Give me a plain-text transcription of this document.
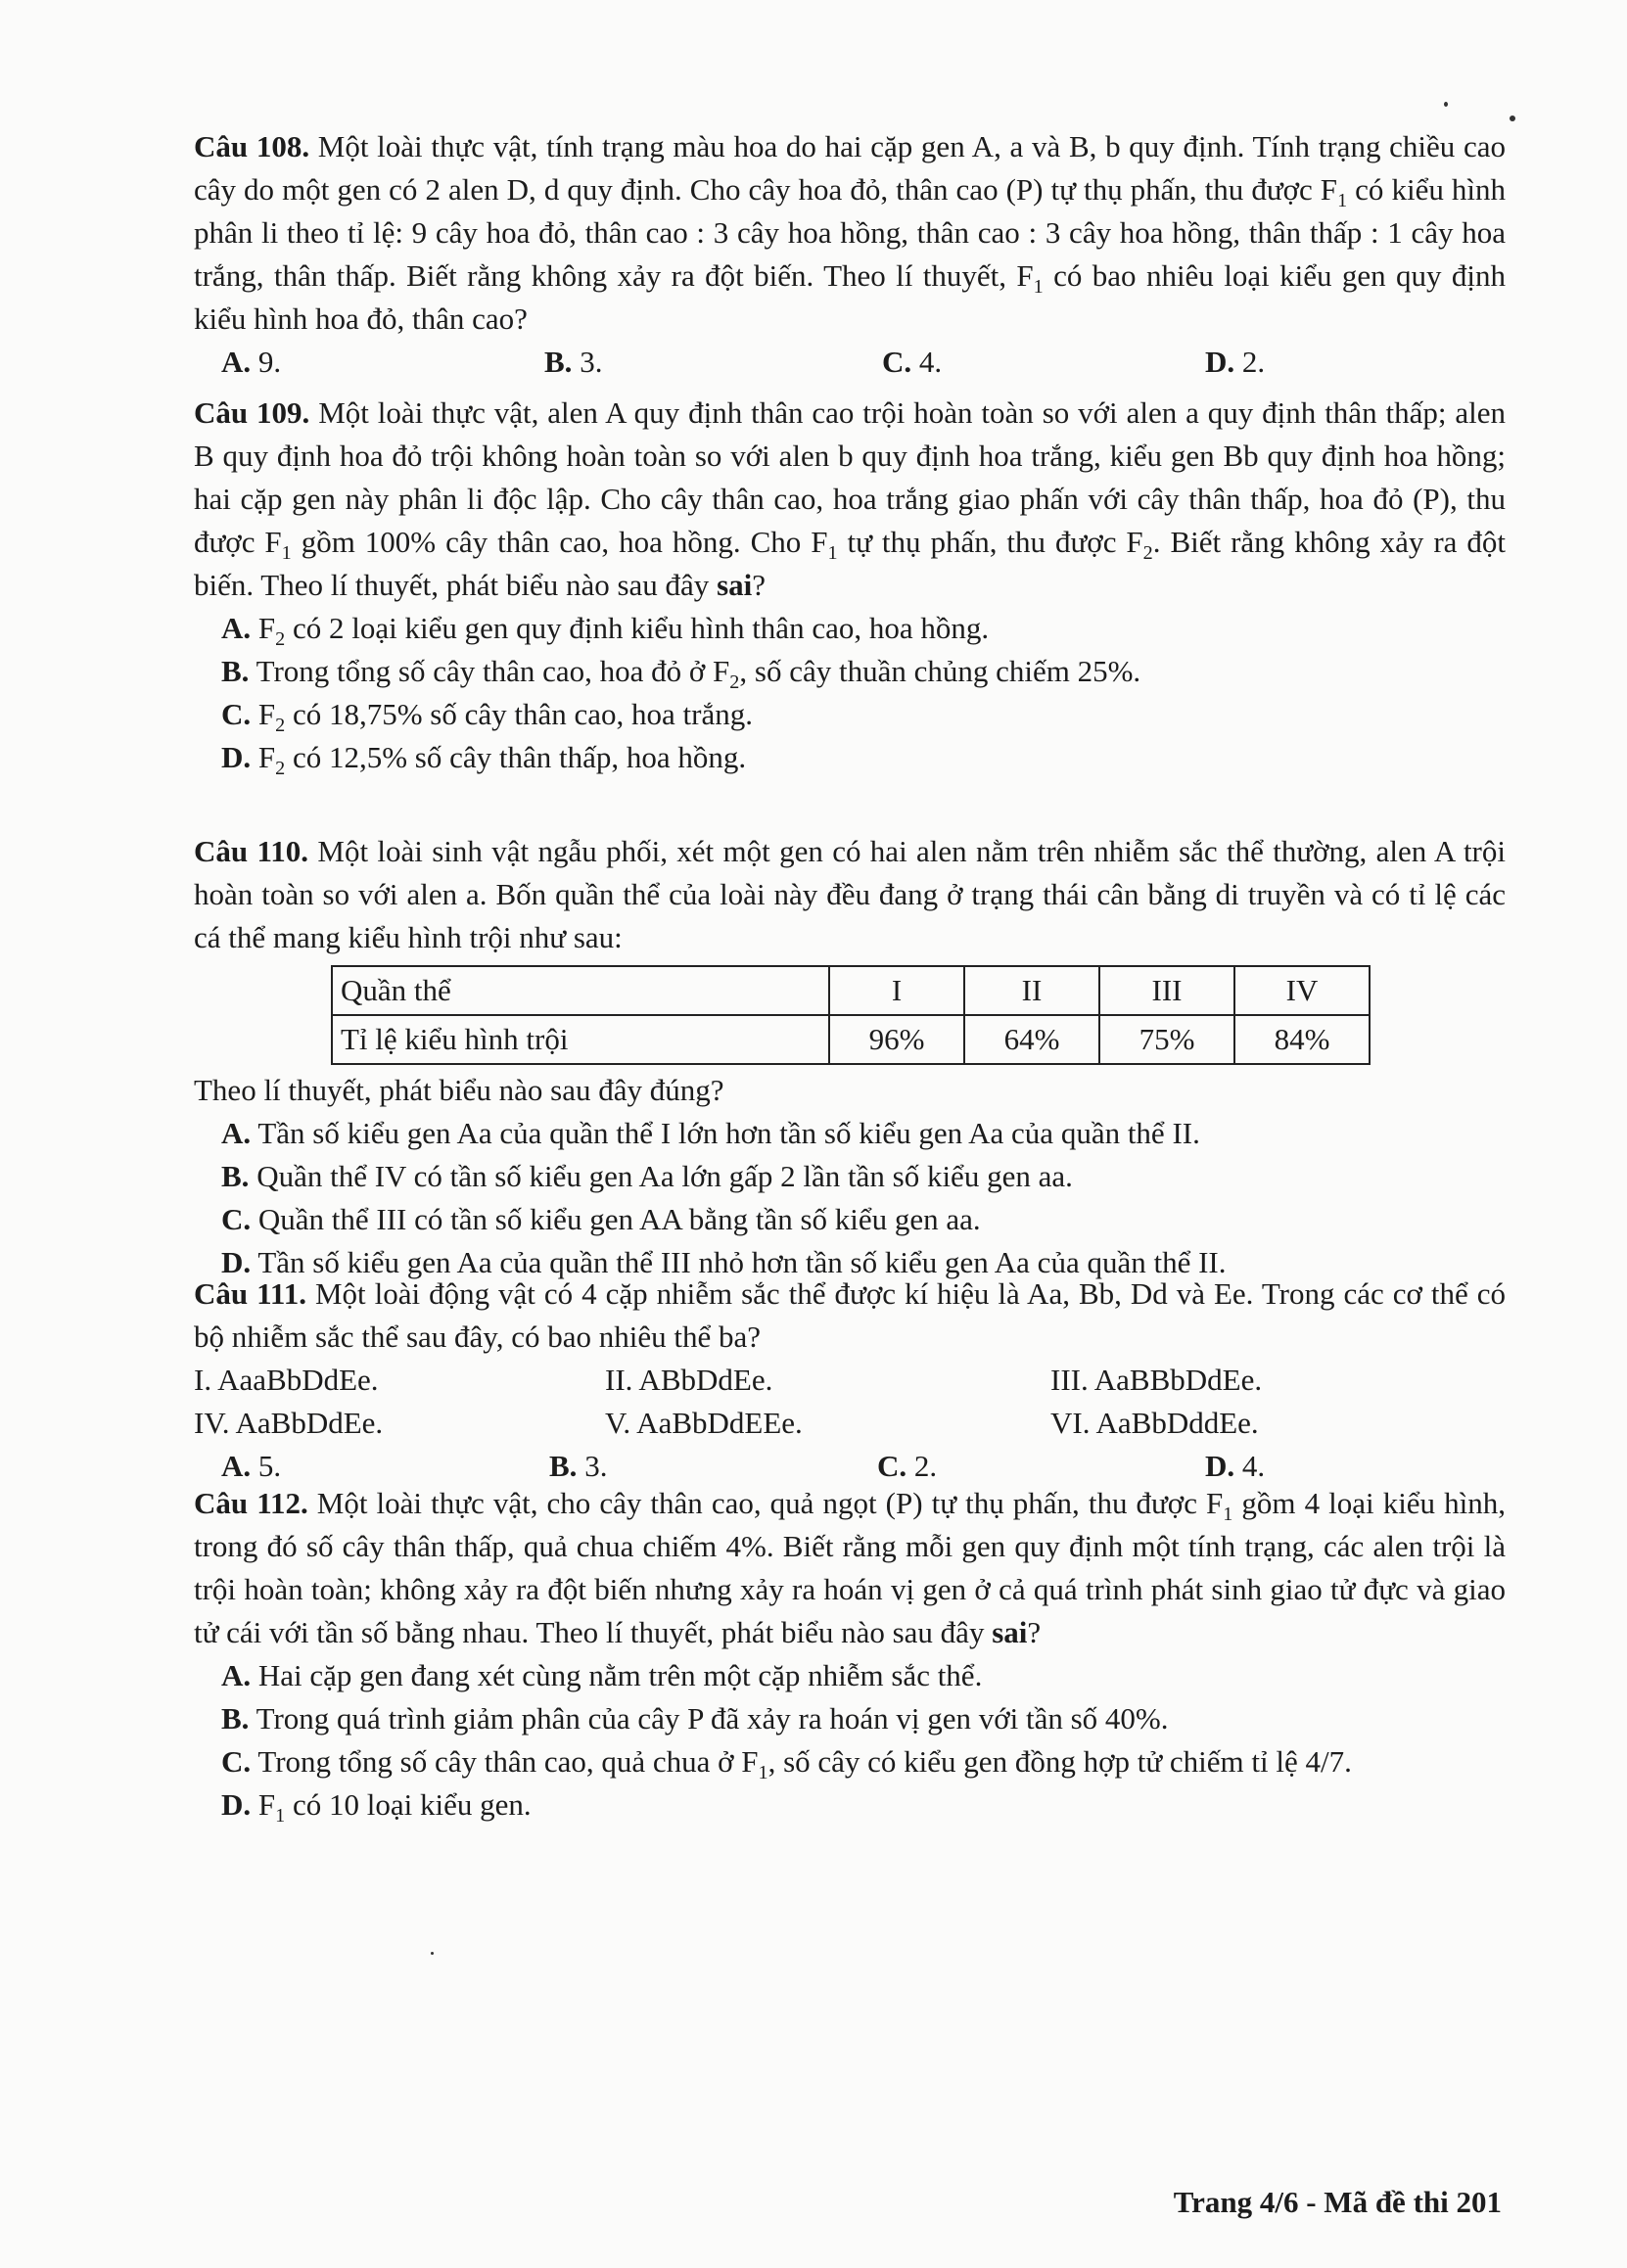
Câu 108. Một loài thực vật, tính trạng màu hoa do hai cặp gen A, a và B, b quy định. Tính trạng chiều cao cây do một gen có 2 alen D, d quy định. Cho cây hoa đỏ, thân cao (P) tự thụ phấn, thu được $F_1$ có kiểu hình phân li theo tỉ lệ: 9 cây hoa đỏ, thân cao : 3 cây hoa hồng, thân cao : 3 cây hoa hồng, thân thấp : 1 cây hoa trắng, thân thấp. Biết rằng không xảy ra đột biến. Theo lí thuyết, $F_1$ có bao nhiêu loại kiểu gen quy định kiểu hình hoa đỏ, thân cao?
A. 9.	B. 3.	C. 4.	D. 2.
Câu 109. Một loài thực vật, alen A quy định thân cao trội hoàn toàn so với alen a quy định thân thấp; alen B quy định hoa đỏ trội không hoàn toàn so với alen b quy định hoa trắng, kiểu gen Bb quy định hoa hồng; hai cặp gen này phân li độc lập. Cho cây thân cao, hoa trắng giao phấn với cây thân thấp, hoa đỏ (P), thu được $F_1$ gồm 100% cây thân cao, hoa hồng. Cho $F_1$ tự thụ phấn, thu được $F_2$. Biết rằng không xảy ra đột biến. Theo lí thuyết, phát biểu nào sau đây sai?
A. $F_2$ có 2 loại kiểu gen quy định kiểu hình thân cao, hoa hồng.
B. Trong tổng số cây thân cao, hoa đỏ ở $F_2$, số cây thuần chủng chiếm 25%.
C. $F_2$ có 18,75% số cây thân cao, hoa trắng.
D. $F_2$ có 12,5% số cây thân thấp, hoa hồng.
Câu 110. Một loài sinh vật ngẫu phối, xét một gen có hai alen nằm trên nhiễm sắc thể thường, alen A trội hoàn toàn so với alen a. Bốn quần thể của loài này đều đang ở trạng thái cân bằng di truyền và có tỉ lệ các cá thể mang kiểu hình trội như sau:
Quần thể	I	II	III	IV
Tỉ lệ kiểu hình trội	96%	64%	75%	84%
Theo lí thuyết, phát biểu nào sau đây đúng?
A. Tần số kiểu gen Aa của quần thể I lớn hơn tần số kiểu gen Aa của quần thể II.
B. Quần thể IV có tần số kiểu gen Aa lớn gấp 2 lần tần số kiểu gen aa.
C. Quần thể III có tần số kiểu gen AA bằng tần số kiểu gen aa.
D. Tần số kiểu gen Aa của quần thể III nhỏ hơn tần số kiểu gen Aa của quần thể II.
Câu 111. Một loài động vật có 4 cặp nhiễm sắc thể được kí hiệu là Aa, Bb, Dd và Ee. Trong các cơ thể có bộ nhiễm sắc thể sau đây, có bao nhiêu thể ba?
I. AaaBbDdEe.	II. ABbDdEe.	III. AaBBbDdEe.
IV. AaBbDdEe.	V. AaBbDdEEe.	VI. AaBbDddEe.
A. 5.	B. 3.	C. 2.	D. 4.
Câu 112. Một loài thực vật, cho cây thân cao, quả ngọt (P) tự thụ phấn, thu được $F_1$ gồm 4 loại kiểu hình, trong đó số cây thân thấp, quả chua chiếm 4%. Biết rằng mỗi gen quy định một tính trạng, các alen trội là trội hoàn toàn; không xảy ra đột biến nhưng xảy ra hoán vị gen ở cả quá trình phát sinh giao tử đực và giao tử cái với tần số bằng nhau. Theo lí thuyết, phát biểu nào sau đây sai?
A. Hai cặp gen đang xét cùng nằm trên một cặp nhiễm sắc thể.
B. Trong quá trình giảm phân của cây P đã xảy ra hoán vị gen với tần số 40%.
C. Trong tổng số cây thân cao, quả chua ở $F_1$, số cây có kiểu gen đồng hợp tử chiếm tỉ lệ 4/7.
D. $F_1$ có 10 loại kiểu gen.
Trang 4/6 - Mã đề thi 201
